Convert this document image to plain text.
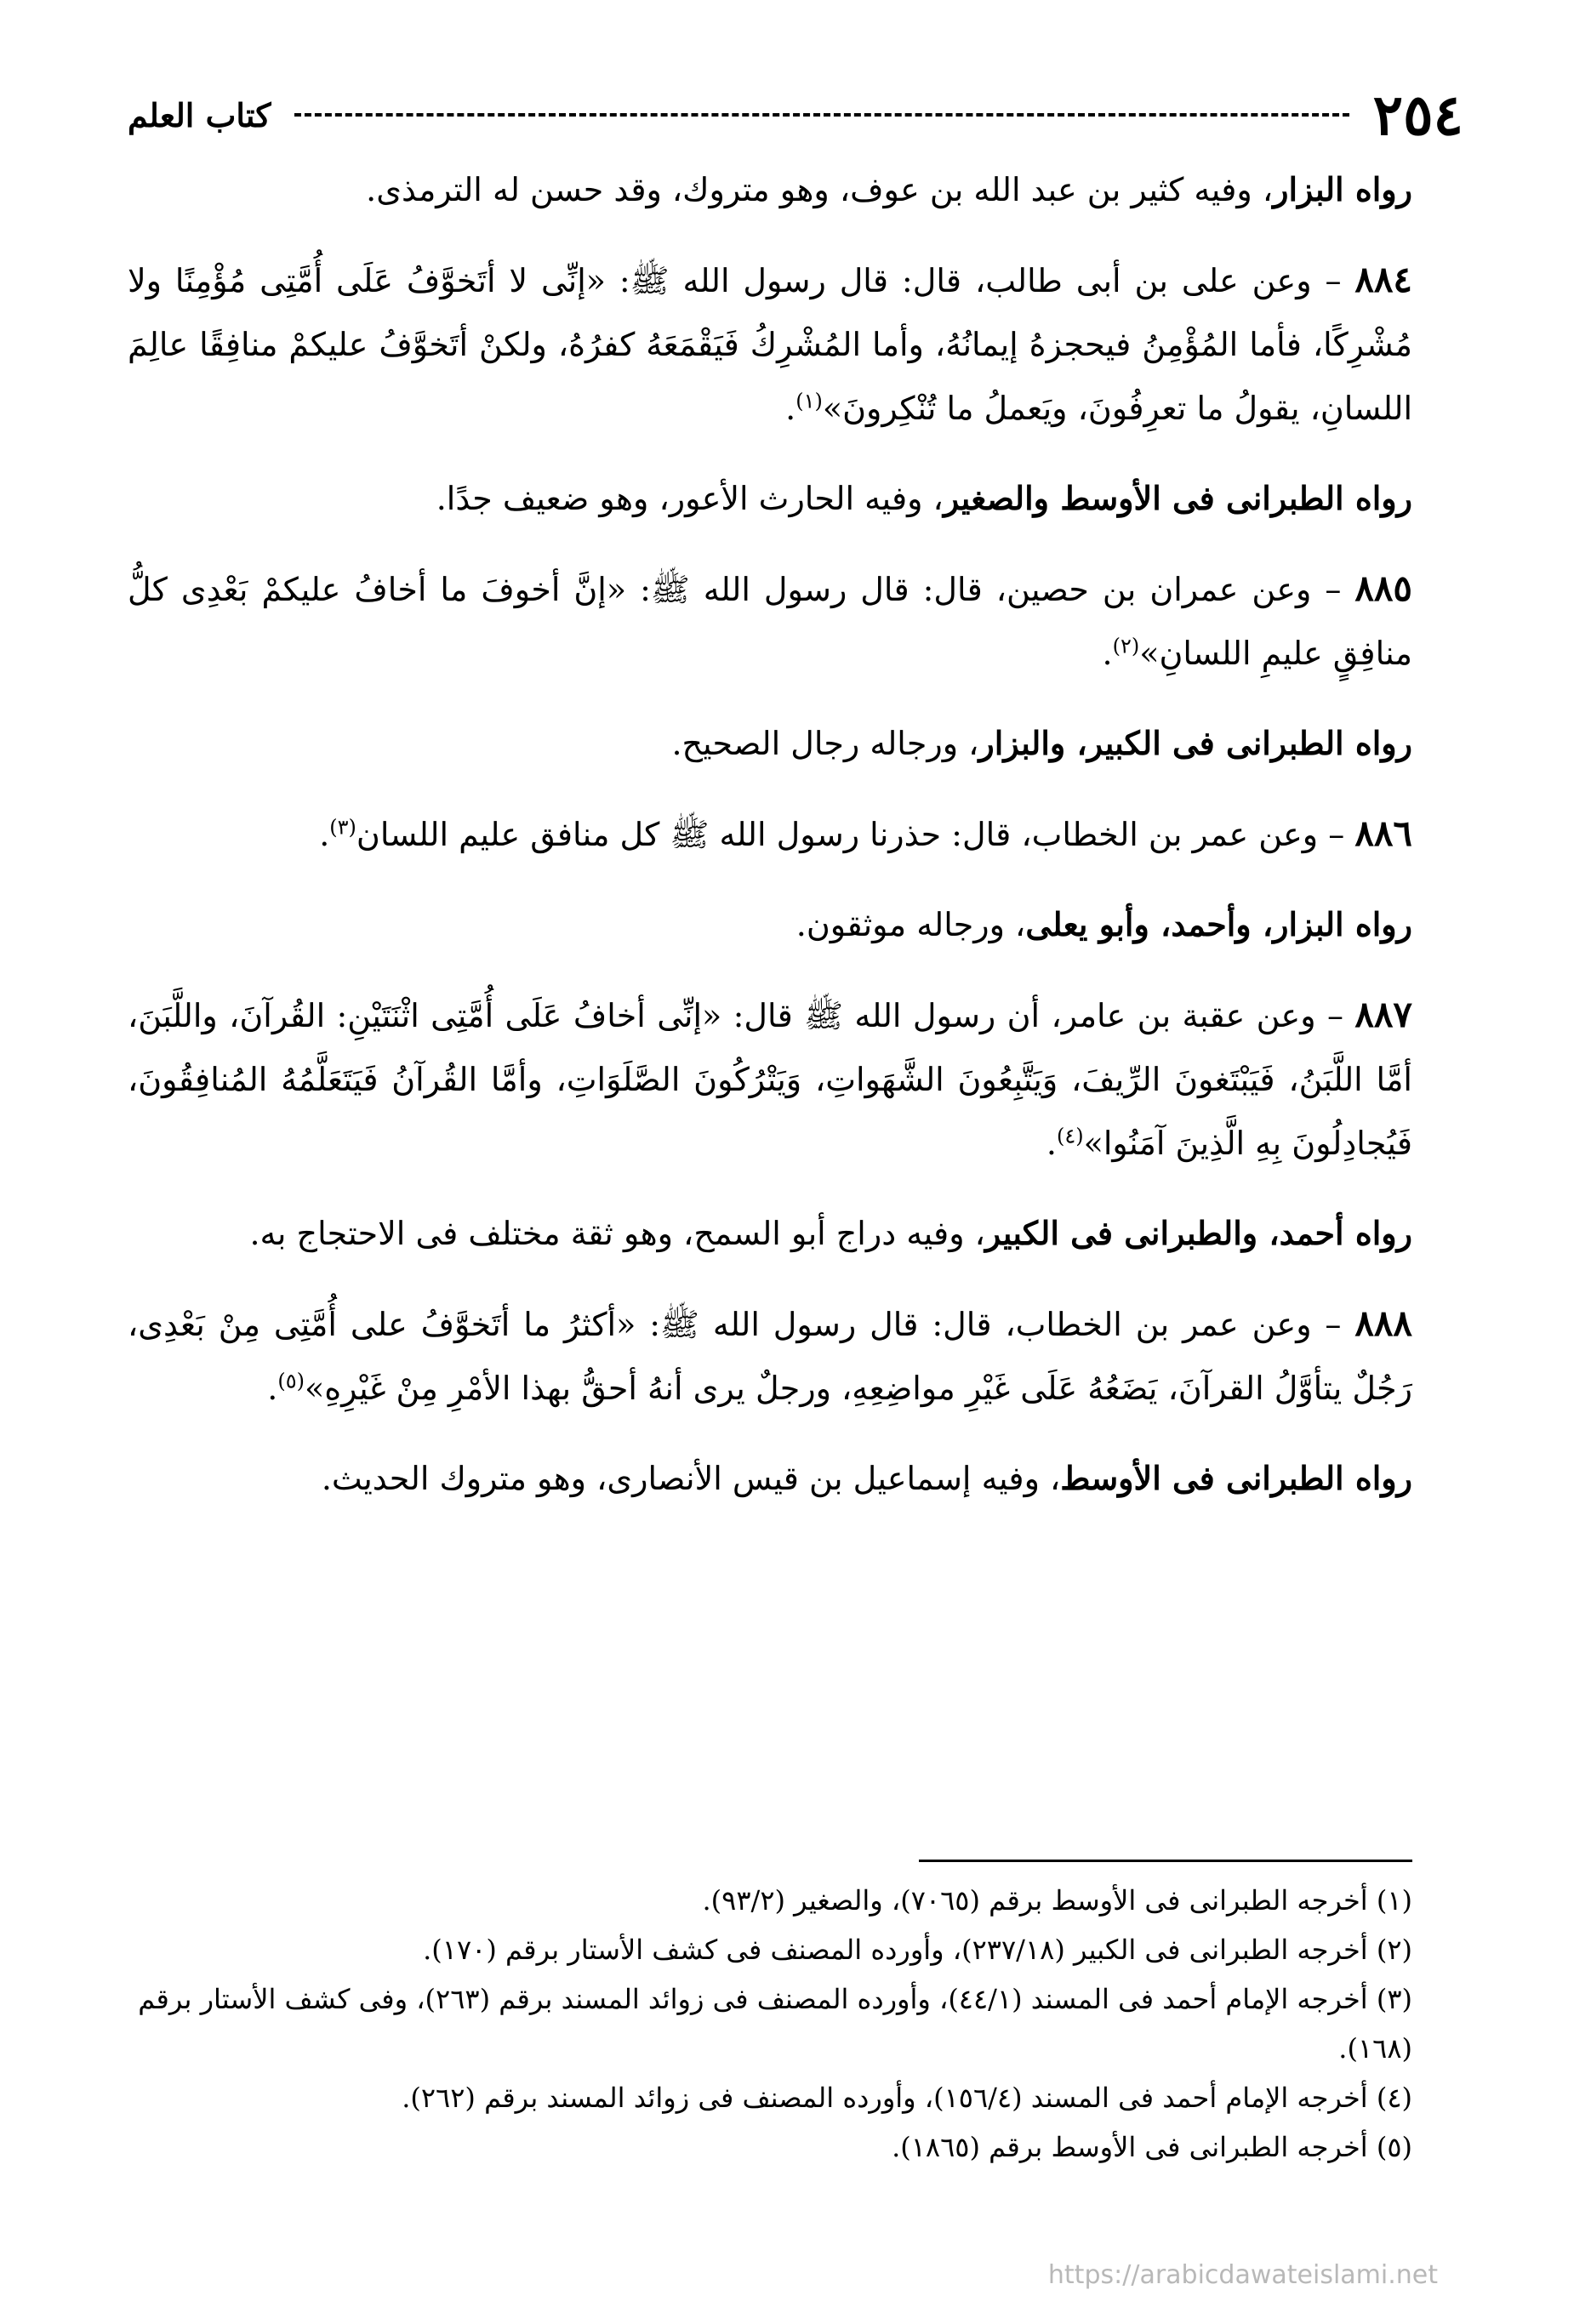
٢٥٤
كتاب العلم

رواه البزار، وفيه كثير بن عبد الله بن عوف، وهو متروك، وقد حسن له الترمذى.

٨٨٤ – وعن على بن أبى طالب، قال: قال رسول الله ﷺ: «إنِّى لا أتَخوَّفُ عَلَى أُمَّتِى مُؤْمِنًا ولا مُشْرِكًا، فأما المُؤْمِنُ فيحجزهُ إيمانُهُ، وأما المُشْرِكُ فَيَقْمَعَهُ كفرُهُ، ولكنْ أتَخوَّفُ عليكمْ منافِقًا عالِمَ اللسانِ، يقولُ ما تعرِفُونَ، ويَعملُ ما تُنْكِرونَ»$^{(١)}$.

رواه الطبرانى فى الأوسط والصغير، وفيه الحارث الأعور، وهو ضعيف جدًا.

٨٨٥ – وعن عمران بن حصين، قال: قال رسول الله ﷺ: «إنَّ أخوفَ ما أخافُ عليكمْ بَعْدِى كلُّ منافِقٍ عليمِ اللسانِ»$^{(٢)}$.

رواه الطبرانى فى الكبير، والبزار، ورجاله رجال الصحيح.

٨٨٦ – وعن عمر بن الخطاب، قال: حذرنا رسول الله ﷺ كل منافق عليم اللسان$^{(٣)}$.

رواه البزار، وأحمد، وأبو يعلى، ورجاله موثقون.

٨٨٧ – وعن عقبة بن عامر، أن رسول الله ﷺ قال: «إنِّى أخافُ عَلَى أُمَّتِى اثْنَتَيْنِ: القُرآنَ، واللَّبَنَ، أمَّا اللَّبَنُ، فَيَبْتَغونَ الرِّيفَ، وَيَتَّبِعُونَ الشَّهَواتِ، وَيَتْرُكُونَ الصَّلَوَاتِ، وأمَّا القُرآنُ فَيَتَعَلَّمُهُ المُنافِقُونَ، فَيُجادِلُونَ بِهِ الَّذِينَ آمَنُوا»$^{(٤)}$.

رواه أحمد، والطبرانى فى الكبير، وفيه دراج أبو السمح، وهو ثقة مختلف فى الاحتجاج به.

٨٨٨ – وعن عمر بن الخطاب، قال: قال رسول الله ﷺ: «أكثرُ ما أتَخوَّفُ على أُمَّتِى مِنْ بَعْدِى، رَجُلٌ يتأوَّلُ القرآنَ، يَضَعُهُ عَلَى غَيْرِ مواضِعِهِ، ورجلٌ يرى أنهُ أحقُّ بهذا الأمْرِ مِنْ غَيْرِهِ»$^{(٥)}$.

رواه الطبرانى فى الأوسط، وفيه إسماعيل بن قيس الأنصارى، وهو متروك الحديث.

(١) أخرجه الطبرانى فى الأوسط برقم (٧٠٦٥)، والصغير (٩٣/٢).

(٢) أخرجه الطبرانى فى الكبير (٢٣٧/١٨)، وأورده المصنف فى كشف الأستار برقم (١٧٠).

(٣) أخرجه الإمام أحمد فى المسند (٤٤/١)، وأورده المصنف فى زوائد المسند برقم (٢٦٣)، وفى كشف الأستار برقم (١٦٨).

(٤) أخرجه الإمام أحمد فى المسند (١٥٦/٤)، وأورده المصنف فى زوائد المسند برقم (٢٦٢).

(٥) أخرجه الطبرانى فى الأوسط برقم (١٨٦٥).

https://arabicdawateislami.net
